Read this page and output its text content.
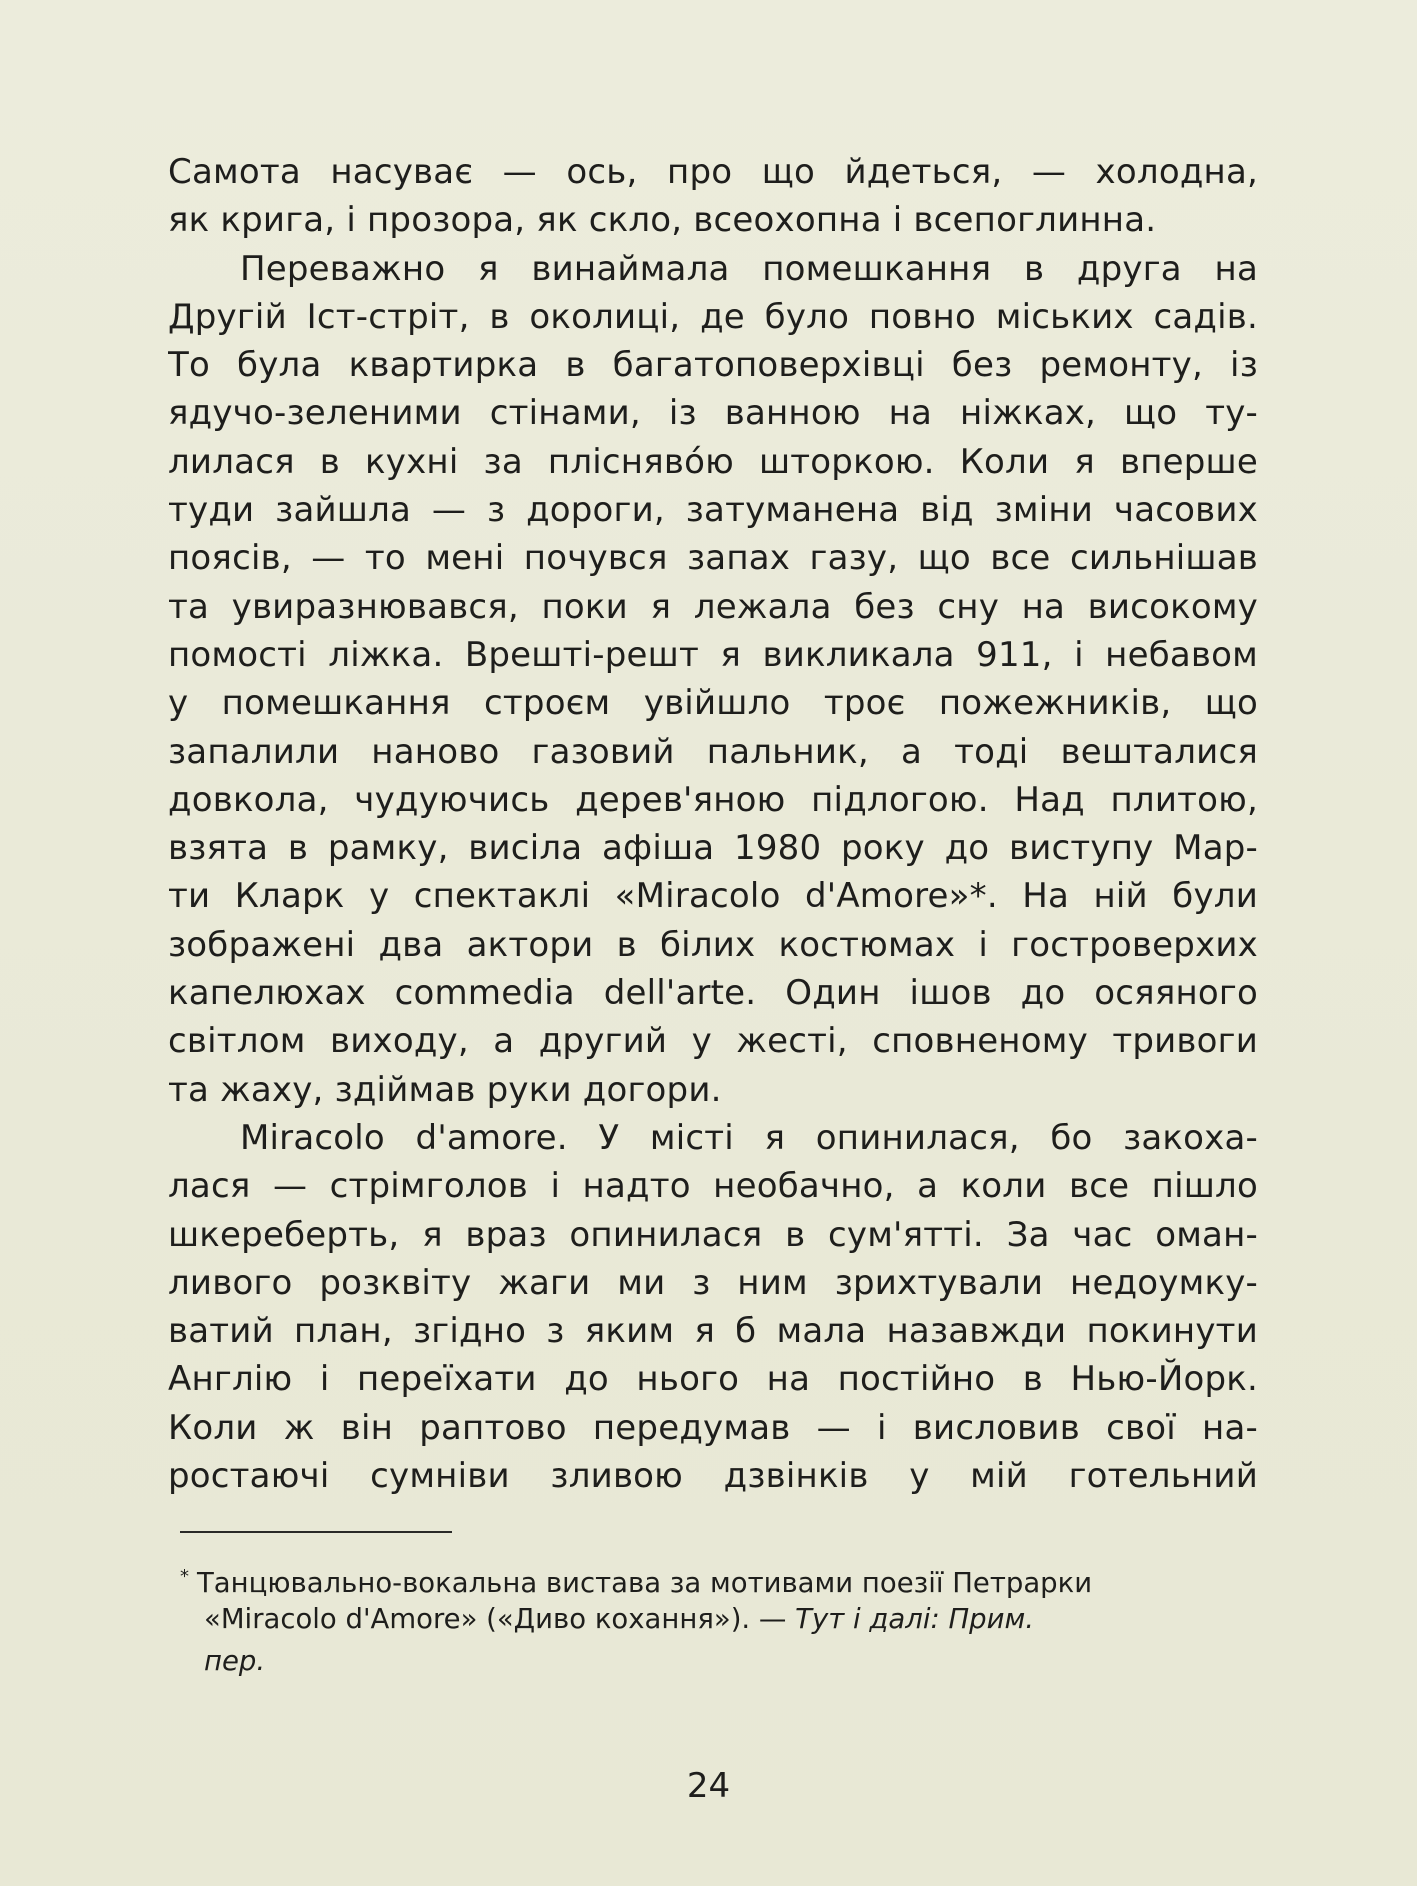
Самота насуває — ось, про що йдеться, — холодна,
як крига, і прозора, як скло, всеохопна і всепоглинна.
Переважно я винаймала помешкання в друга на
Другій Іст-стріт, в околиці, де було повно міських садів.
То була квартирка в багатоповерхівці без ремонту, із
ядучо-зеленими стінами, із ванною на ніжках, що ту-
лилася в кухні за плісняво́ю шторкою. Коли я вперше
туди зайшла — з дороги, затуманена від зміни часових
поясів, — то мені почувся запах газу, що все сильнішав
та увиразнювався, поки я лежала без сну на високому
помості ліжка. Врешті-решт я викликала 911, і небавом
у помешкання строєм увійшло троє пожежників, що
запалили наново газовий пальник, а тоді вешталися
довкола, чудуючись дерев'яною підлогою. Над плитою,
взята в рамку, висіла афіша 1980 року до виступу Мар-
ти Кларк у спектаклі «Miracolo d'Amore»*. На ній були
зображені два актори в білих костюмах і гостроверхих
капелюхах commedia dell'arte. Один ішов до осяяного
світлом виходу, а другий у жесті, сповненому тривоги
та жаху, здіймав руки догори.
Miracolo d'amore. У місті я опинилася, бо закоха-
лася — стрімголов і надто необачно, а коли все пішло
шкереберть, я враз опинилася в сум'ятті. За час оман-
ливого розквіту жаги ми з ним зрихтували недоумку-
ватий план, згідно з яким я б мала назавжди покинути
Англію і переїхати до нього на постійно в Нью-Йорк.
Коли ж він раптово передумав — і висловив свої на-
ростаючі сумніви зливою дзвінків у мій готельний
* Танцювально-вокальна вистава за мотивами поезії Петрарки
«Miracolo d'Amore» («Диво кохання»). — Тут і далі: Прим.
пер.
24
